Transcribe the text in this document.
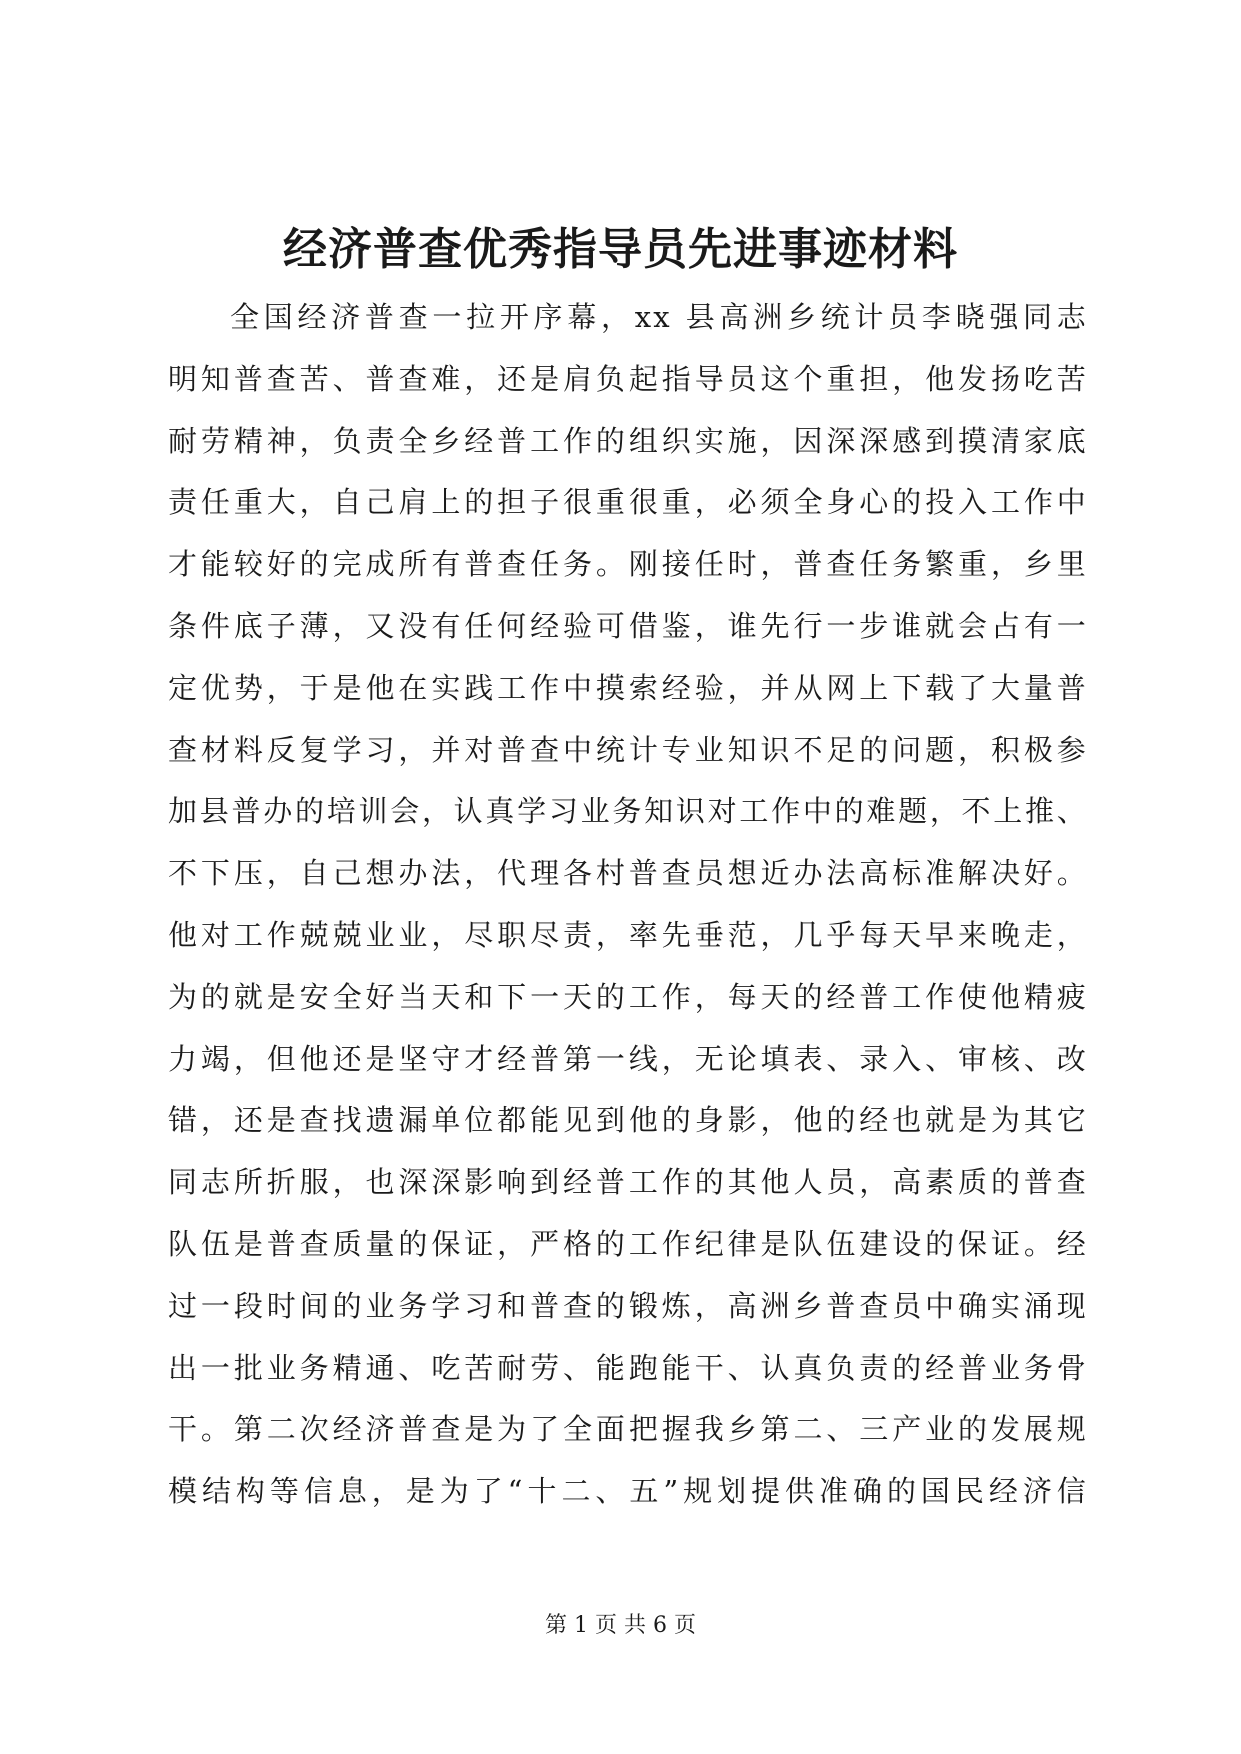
经济普查优秀指导员先进事迹材料
全国经济普查一拉开序幕，xx 县高洲乡统计员李晓强同志
明知普查苦、普查难，还是肩负起指导员这个重担，他发扬吃苦
耐劳精神，负责全乡经普工作的组织实施，因深深感到摸清家底
责任重大，自己肩上的担子很重很重，必须全身心的投入工作中
才能较好的完成所有普查任务。刚接任时，普查任务繁重，乡里
条件底子薄，又没有任何经验可借鉴，谁先行一步谁就会占有一
定优势，于是他在实践工作中摸索经验，并从网上下载了大量普
查材料反复学习，并对普查中统计专业知识不足的问题，积极参
加县普办的培训会，认真学习业务知识对工作中的难题，不上推、
不下压，自己想办法，代理各村普查员想近办法高标准解决好。
他对工作兢兢业业，尽职尽责，率先垂范，几乎每天早来晚走，
为的就是安全好当天和下一天的工作，每天的经普工作使他精疲
力竭，但他还是坚守才经普第一线，无论填表、录入、审核、改
错，还是查找遗漏单位都能见到他的身影，他的经也就是为其它
同志所折服，也深深影响到经普工作的其他人员，高素质的普查
队伍是普查质量的保证，严格的工作纪律是队伍建设的保证。经
过一段时间的业务学习和普查的锻炼，高洲乡普查员中确实涌现
出一批业务精通、吃苦耐劳、能跑能干、认真负责的经普业务骨
干。第二次经济普查是为了全面把握我乡第二、三产业的发展规
模结构等信息，是为了“十二、五”规划提供准确的国民经济信
第 1 页 共 6 页
